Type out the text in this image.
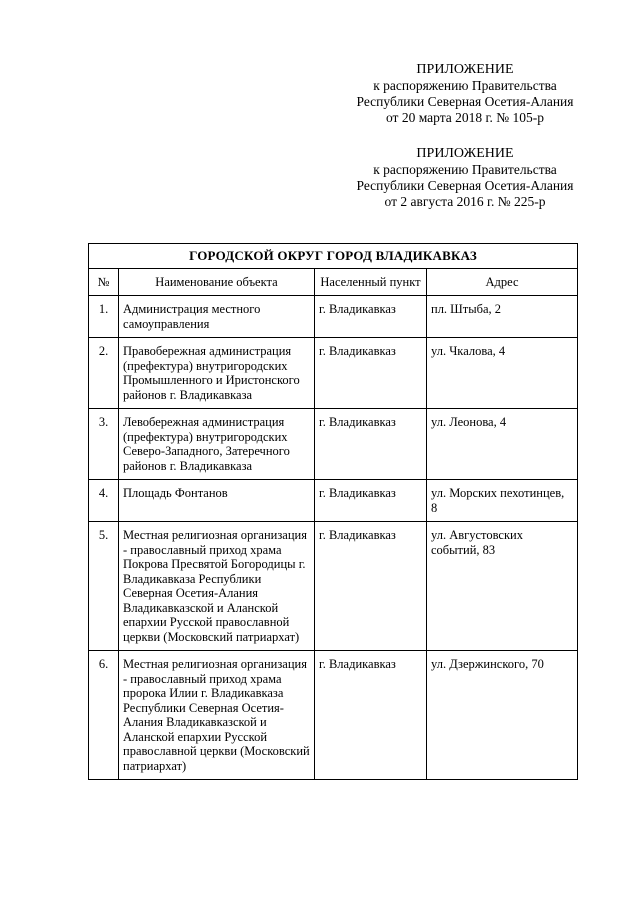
ПРИЛОЖЕНИЕ
к распоряжению Правительства
Республики Северная Осетия-Алания
от 20 марта 2018 г. № 105-р
ПРИЛОЖЕНИЕ
к распоряжению Правительства
Республики Северная Осетия-Алания
от 2 августа 2016 г. № 225-р
ГОРОДСКОЙ ОКРУГ ГОРОД ВЛАДИКАВКАЗ			
№	Наименование объекта	Населенный пункт	Адрес
1.	Администрация местного самоуправления	г. Владикавказ	пл. Штыба, 2
2.	Правобережная администрация (префектура) внутригородских Промышленного и Иристонского районов г. Владикавказа	г. Владикавказ	ул. Чкалова, 4
3.	Левобережная администрация (префектура) внутригородских Северо-Западного, Затеречного районов г. Владикавказа	г. Владикавказ	ул. Леонова, 4
4.	Площадь Фонтанов	г. Владикавказ	ул. Морских пехотинцев, 8
5.	Местная религиозная организация - православный приход храма Покрова Пресвятой Богородицы г. Владикавказа Республики Северная Осетия-Алания Владикавказской и Аланской епархии Русской православной церкви (Московский патриархат)	г. Владикавказ	ул. Августовских событий, 83
6.	Местная религиозная организация - православный приход храма пророка Илии г. Владикавказа Республики Северная Осетия-Алания Владикавказской и Аланской епархии Русской православной церкви (Московский патриархат)	г. Владикавказ	ул. Дзержинского, 70
